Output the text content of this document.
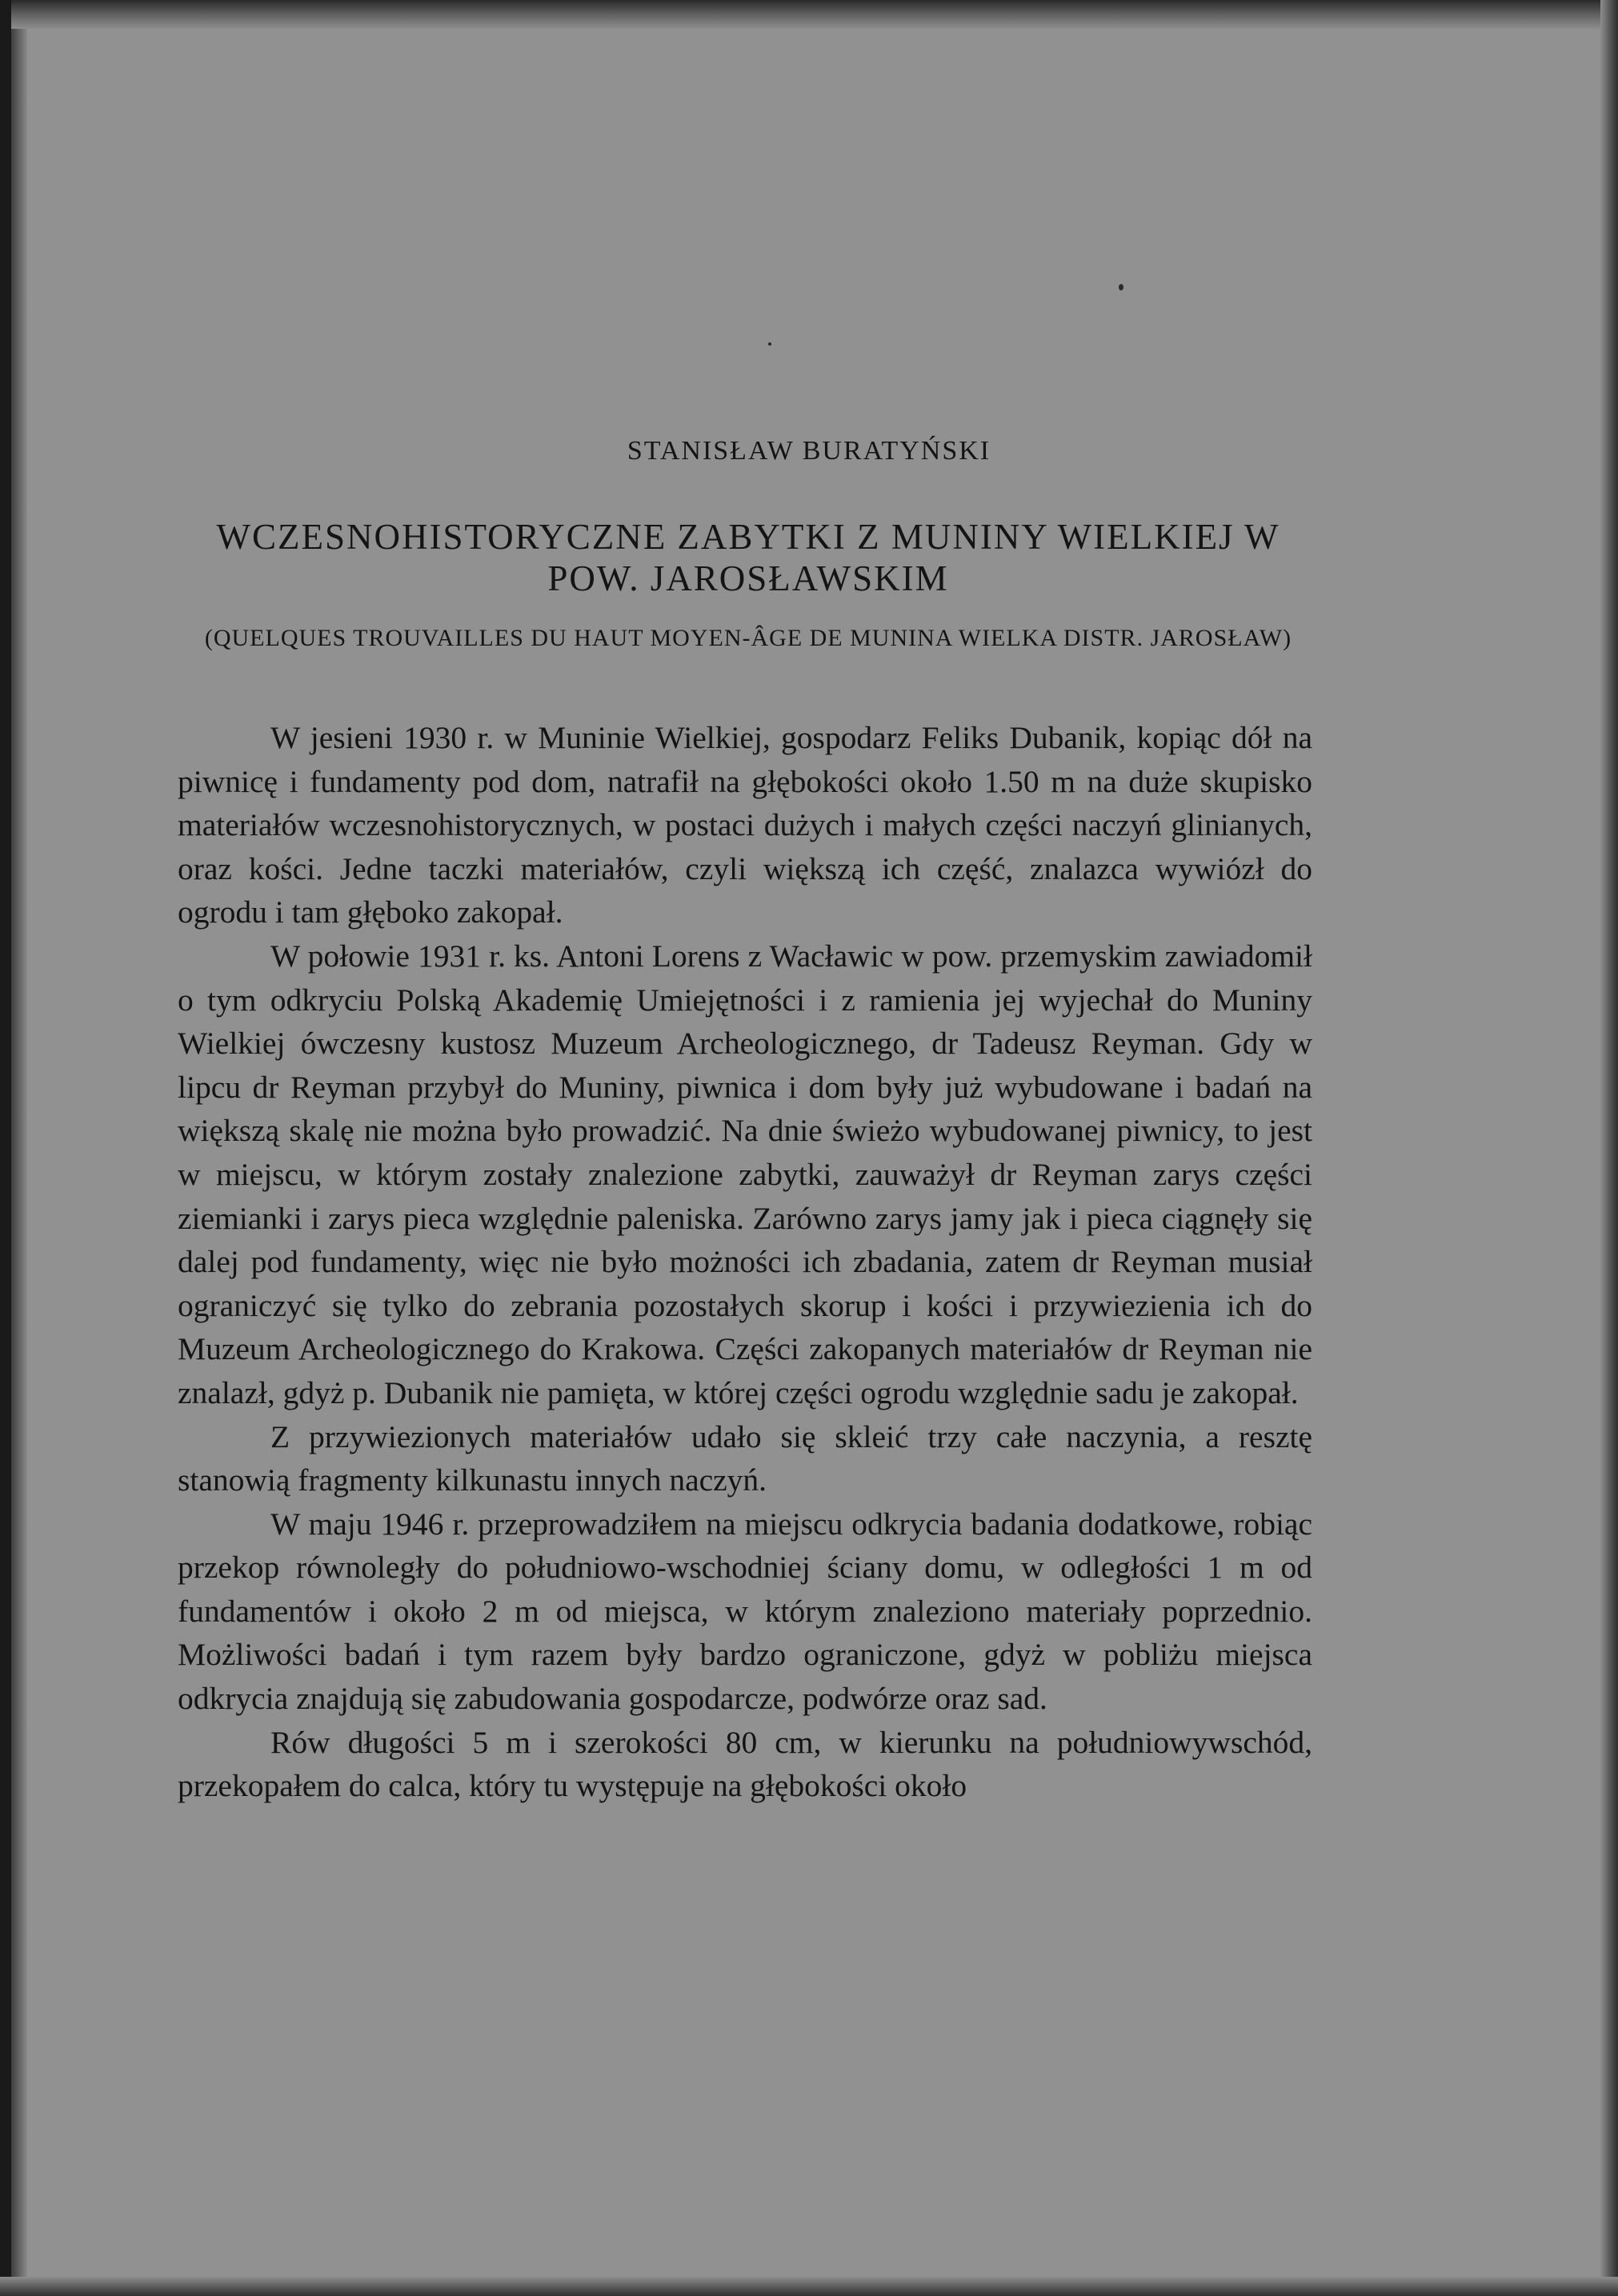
STANISŁAW BURATYŃSKI
WCZESNOHISTORYCZNE ZABYTKI Z MUNINY WIELKIEJ W POW. JAROSŁAWSKIM
(QUELQUES TROUVAILLES DU HAUT MOYEN-ÂGE DE MUNINA WIELKA DISTR. JAROSŁAW)

W jesieni 1930 r. w Muninie Wielkiej, gospodarz Feliks Dubanik, kopiąc dół na piwnicę i fundamenty pod dom, natrafił na głębokości około 1.50 m na duże skupisko materiałów wczesnohistorycznych, w postaci dużych i małych części naczyń glinianych, oraz kości. Jedne taczki materiałów, czyli większą ich część, znalazca wywiózł do ogrodu i tam głęboko zakopał.

W połowie 1931 r. ks. Antoni Lorens z Wacławic w pow. przemyskim zawiadomił o tym odkryciu Polską Akademię Umiejętności i z ramienia jej wyjechał do Muniny Wielkiej ówczesny kustosz Muzeum Archeologicznego, dr Tadeusz Reyman. Gdy w lipcu dr Reyman przybył do Muniny, piwnica i dom były już wybudowane i badań na większą skalę nie można było prowadzić. Na dnie świeżo wybudowanej piwnicy, to jest w miejscu, w którym zostały znalezione zabytki, zauważył dr Reyman zarys części ziemianki i zarys pieca względnie paleniska. Zarówno zarys jamy jak i pieca ciągnęły się dalej pod fundamenty, więc nie było możności ich zbadania, zatem dr Reyman musiał ograniczyć się tylko do zebrania pozostałych skorup i kości i przywiezienia ich do Muzeum Archeologicznego do Krakowa. Części zakopanych materiałów dr Reyman nie znalazł, gdyż p. Dubanik nie pamięta, w której części ogrodu względnie sadu je zakopał.

Z przywiezionych materiałów udało się skleić trzy całe naczynia, a resztę stanowią fragmenty kilkunastu innych naczyń.

W maju 1946 r. przeprowadziłem na miejscu odkrycia badania dodatkowe, robiąc przekop równoległy do południowo-wschodniej ściany domu, w odległości 1 m od fundamentów i około 2 m od miejsca, w którym znaleziono materiały poprzednio. Możliwości badań i tym razem były bardzo ograniczone, gdyż w pobliżu miejsca odkrycia znajdują się zabudowania gospodarcze, podwórze oraz sad.

Rów długości 5 m i szerokości 80 cm, w kierunku na południowywschód, przekopałem do calca, który tu występuje na głębokości około
